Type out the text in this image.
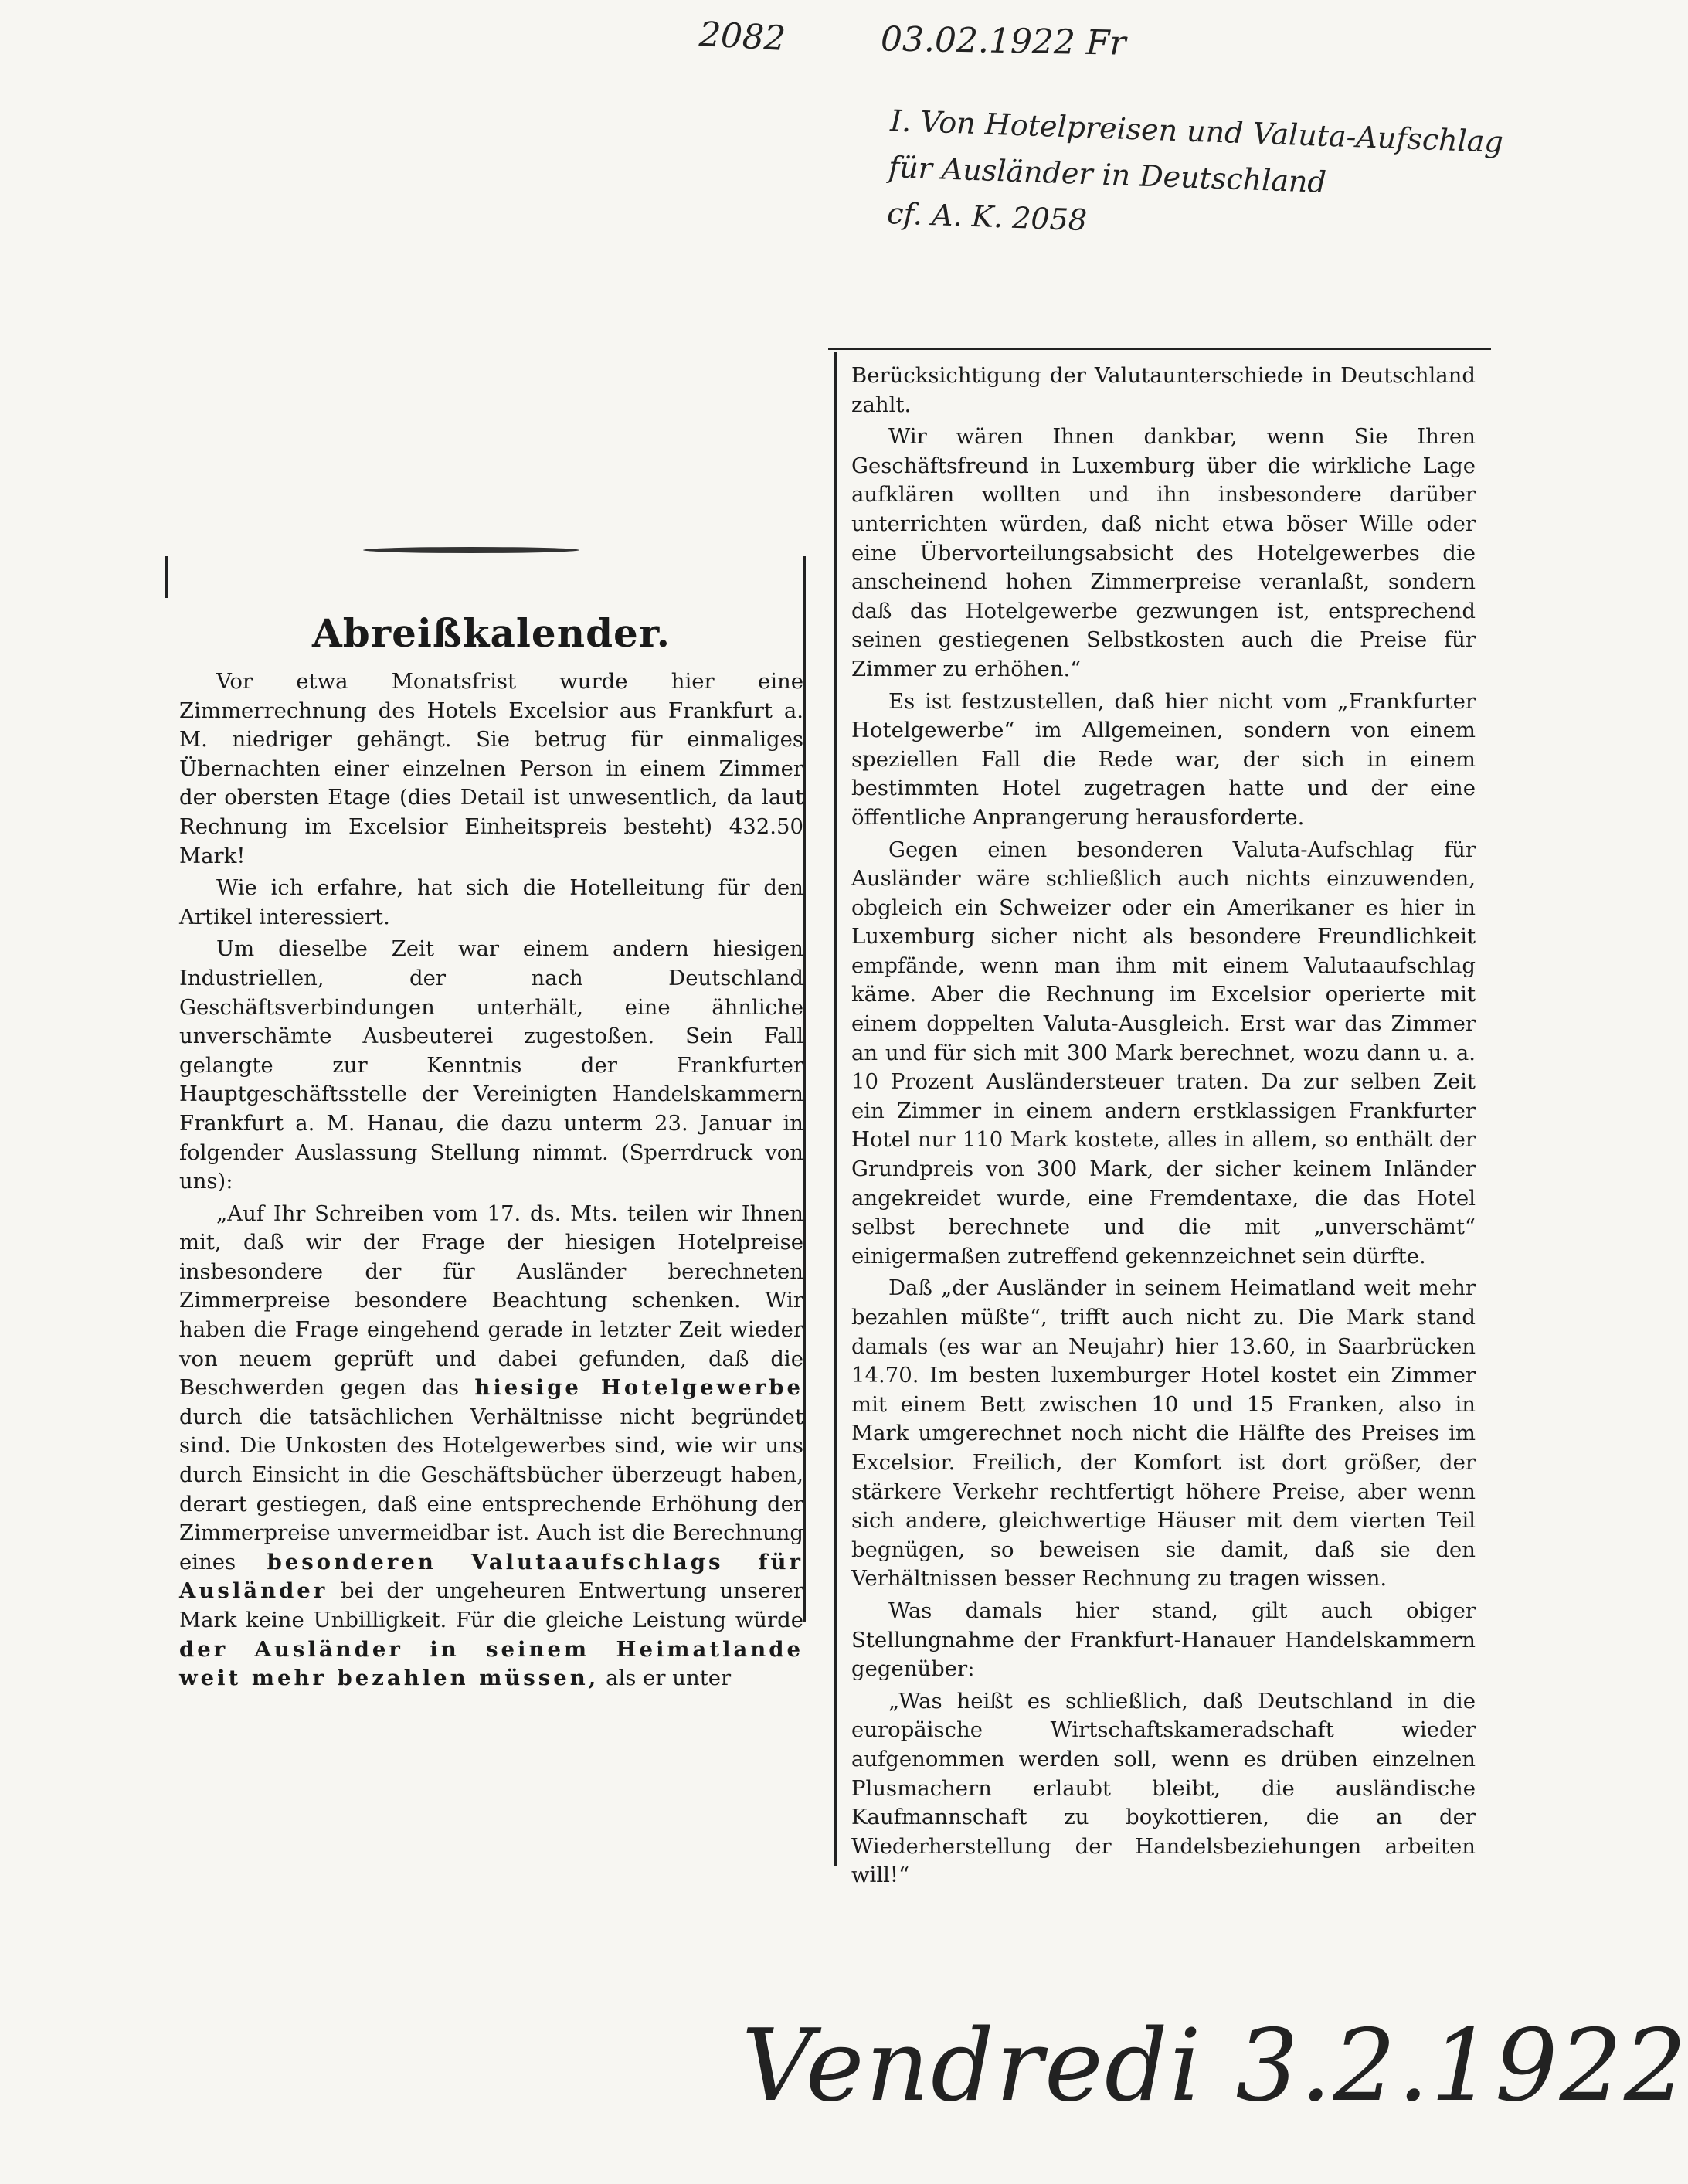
2082	03.02.1922 Fr
I. Von Hotelpreisen und Valuta-Aufschlag
für Ausländer in Deutschland
cf. A. K. 2058
Abreißkalender.

Vor etwa Monatsfrist wurde hier eine Zimmerrechnung des Hotels Excelsior aus Frankfurt a. M. niedriger gehängt. Sie betrug für einmaliges Übernachten einer einzelnen Person in einem Zimmer der obersten Etage (dies Detail ist unwesentlich, da laut Rechnung im Excelsior Einheitspreis besteht) 432.50 Mark!

Wie ich erfahre, hat sich die Hotelleitung für den Artikel interessiert.

Um dieselbe Zeit war einem andern hiesigen Industriellen, der nach Deutschland Geschäftsverbindungen unterhält, eine ähnliche unverschämte Ausbeuterei zugestoßen. Sein Fall gelangte zur Kenntnis der Frankfurter Hauptgeschäftsstelle der Vereinigten Handelskammern Frankfurt a. M. Hanau, die dazu unterm 23. Januar in folgender Auslassung Stellung nimmt. (Sperrdruck von uns):

„Auf Ihr Schreiben vom 17. ds. Mts. teilen wir Ihnen mit, daß wir der Frage der hiesigen Hotelpreise insbesondere der für Ausländer berechneten Zimmerpreise besondere Beachtung schenken. Wir haben die Frage eingehend gerade in letzter Zeit wieder von neuem geprüft und dabei gefunden, daß die Beschwerden gegen das hiesige Hotelgewerbe durch die tatsächlichen Verhältnisse nicht begründet sind. Die Unkosten des Hotelgewerbes sind, wie wir uns durch Einsicht in die Geschäftsbücher überzeugt haben, derart gestiegen, daß eine entsprechende Erhöhung der Zimmerpreise unvermeidbar ist. Auch ist die Berechnung eines besonderen Valutaaufschlags für Ausländer bei der ungeheuren Entwertung unserer Mark keine Unbilligkeit. Für die gleiche Leistung würde der Ausländer in seinem Heimatlande weit mehr bezahlen müssen, als er unter

Berücksichtigung der Valutaunterschiede in Deutschland zahlt.

Wir wären Ihnen dankbar, wenn Sie Ihren Geschäftsfreund in Luxemburg über die wirkliche Lage aufklären wollten und ihn insbesondere darüber unterrichten würden, daß nicht etwa böser Wille oder eine Übervorteilungsabsicht des Hotelgewerbes die anscheinend hohen Zimmerpreise veranlaßt, sondern daß das Hotelgewerbe gezwungen ist, entsprechend seinen gestiegenen Selbstkosten auch die Preise für Zimmer zu erhöhen.“

Es ist festzustellen, daß hier nicht vom „Frankfurter Hotelgewerbe“ im Allgemeinen, sondern von einem speziellen Fall die Rede war, der sich in einem bestimmten Hotel zugetragen hatte und der eine öffentliche Anprangerung herausforderte.

Gegen einen besonderen Valuta-Aufschlag für Ausländer wäre schließlich auch nichts einzuwenden, obgleich ein Schweizer oder ein Amerikaner es hier in Luxemburg sicher nicht als besondere Freundlichkeit empfände, wenn man ihm mit einem Valutaaufschlag käme. Aber die Rechnung im Excelsior operierte mit einem doppelten Valuta-Ausgleich. Erst war das Zimmer an und für sich mit 300 Mark berechnet, wozu dann u. a. 10 Prozent Ausländersteuer traten. Da zur selben Zeit ein Zimmer in einem andern erstklassigen Frankfurter Hotel nur 110 Mark kostete, alles in allem, so enthält der Grundpreis von 300 Mark, der sicher keinem Inländer angekreidet wurde, eine Fremdentaxe, die das Hotel selbst berechnete und die mit „unverschämt“ einigermaßen zutreffend gekennzeichnet sein dürfte.

Daß „der Ausländer in seinem Heimatland weit mehr bezahlen müßte“, trifft auch nicht zu. Die Mark stand damals (es war an Neujahr) hier 13.60, in Saarbrücken 14.70. Im besten luxemburger Hotel kostet ein Zimmer mit einem Bett zwischen 10 und 15 Franken, also in Mark umgerechnet noch nicht die Hälfte des Preises im Excelsior. Freilich, der Komfort ist dort größer, der stärkere Verkehr rechtfertigt höhere Preise, aber wenn sich andere, gleichwertige Häuser mit dem vierten Teil begnügen, so beweisen sie damit, daß sie den Verhältnissen besser Rechnung zu tragen wissen.

Was damals hier stand, gilt auch obiger Stellungnahme der Frankfurt-Hanauer Handelskammern gegenüber:

„Was heißt es schließlich, daß Deutschland in die europäische Wirtschaftskameradschaft wieder aufgenommen werden soll, wenn es drüben einzelnen Plusmachern erlaubt bleibt, die ausländische Kaufmannschaft zu boykottieren, die an der Wiederherstellung der Handelsbeziehungen arbeiten will!“

Vendredi 3.2.1922
